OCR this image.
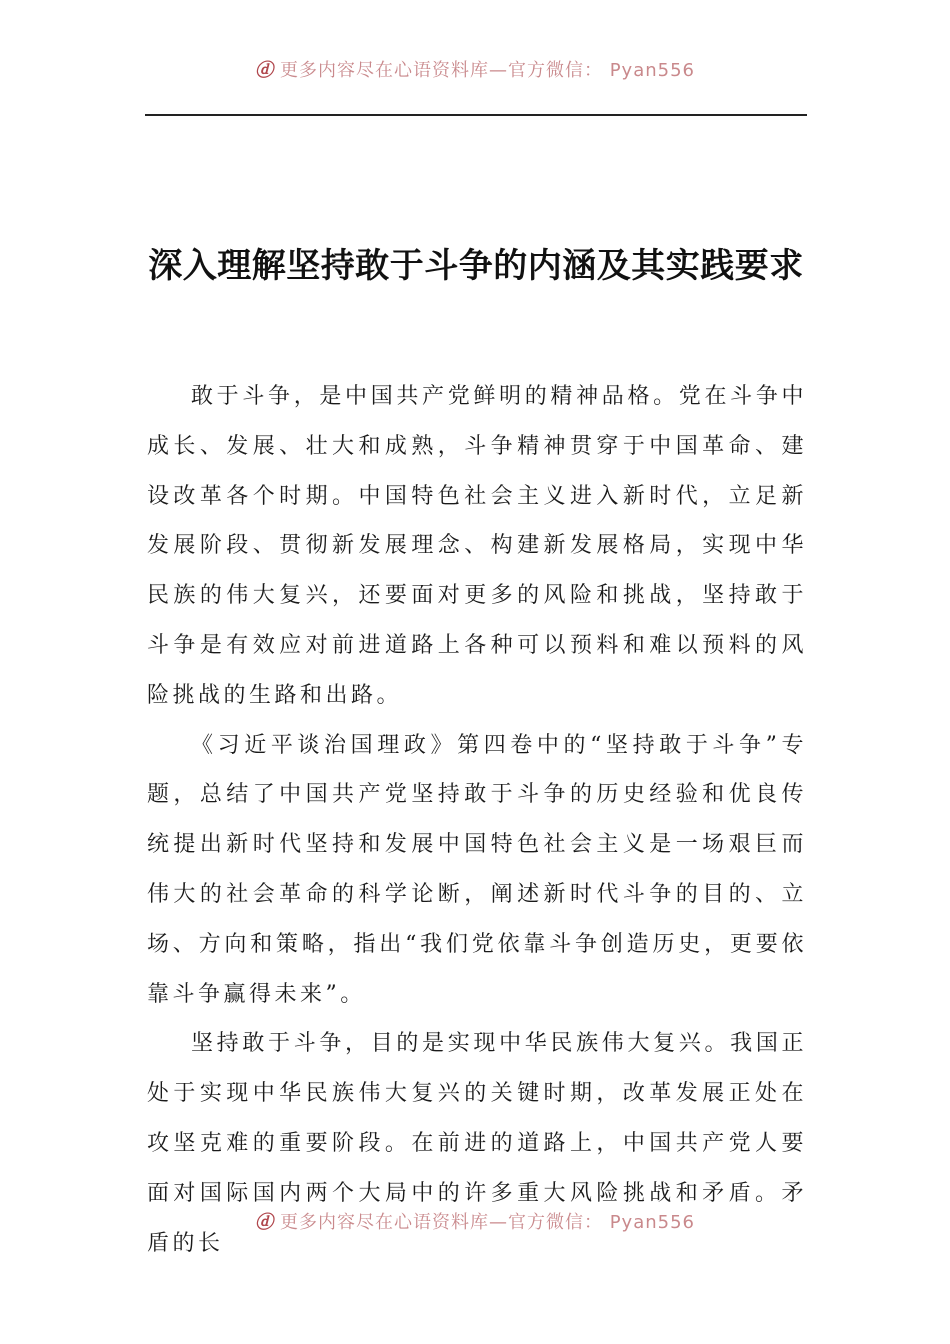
ⓓ 更多内容尽在心语资料库—官方微信： Pyan556
深入理解坚持敢于斗争的内涵及其实践要求

敢于斗争，是中国共产党鲜明的精神品格。党在斗争中成长、发展、壮大和成熟，斗争精神贯穿于中国革命、建设改革各个时期。中国特色社会主义进入新时代，立足新发展阶段、贯彻新发展理念、构建新发展格局，实现中华民族的伟大复兴，还要面对更多的风险和挑战，坚持敢于斗争是有效应对前进道路上各种可以预料和难以预料的风险挑战的生路和出路。

《习近平谈治国理政》第四卷中的“坚持敢于斗争”专题，总结了中国共产党坚持敢于斗争的历史经验和优良传统提出新时代坚持和发展中国特色社会主义是一场艰巨而伟大的社会革命的科学论断，阐述新时代斗争的目的、立场、方向和策略，指出“我们党依靠斗争创造历史，更要依靠斗争赢得未来”。

坚持敢于斗争，目的是实现中华民族伟大复兴。我国正处于实现中华民族伟大复兴的关键时期，改革发展正处在攻坚克难的重要阶段。在前进的道路上，中国共产党人要面对国际国内两个大局中的许多重大风险挑战和矛盾。矛盾的长

ⓓ 更多内容尽在心语资料库—官方微信： Pyan556
